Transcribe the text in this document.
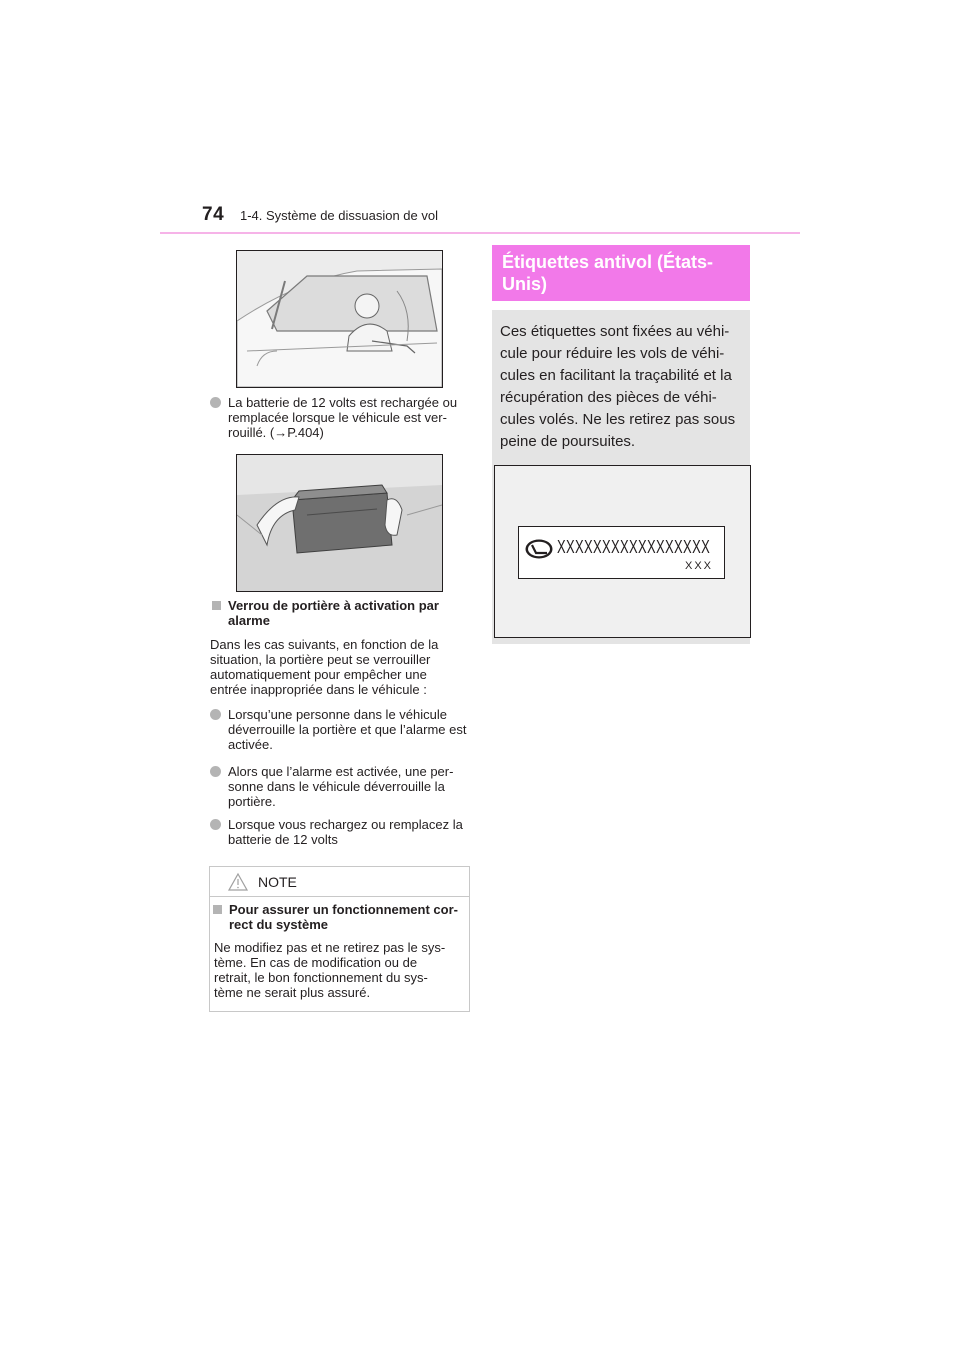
74 1-4. Système de dissuasion de vol
La batterie de 12 volts est rechargée ou remplacée lorsque le véhicule est ver- rouillé. (→P.404)
Verrou de portière à activation par alarme
Dans les cas suivants, en fonction de la situation, la portière peut se verrouiller automatiquement pour empêcher une entrée inappropriée dans le véhicule :
Lorsqu’une personne dans le véhicule déverrouille la portière et que l’alarme est activée.
Alors que l’alarme est activée, une per- sonne dans le véhicule déverrouille la portière.
Lorsque vous rechargez ou remplacez la batterie de 12 volts
NOTE
Pour assurer un fonctionnement cor- rect du système
Ne modifiez pas et ne retirez pas le sys- tème. En cas de modification ou de retrait, le bon fonctionnement du sys- tème ne serait plus assuré.
Étiquettes antivol (États- Unis)
Ces étiquettes sont fixées au véhi- cule pour réduire les vols de véhi- cules en facilitant la traçabilité et la récupération des pièces de véhi- cules volés. Ne les retirez pas sous peine de poursuites.
XXXXXXXXXXXXXXXXX
XXX
